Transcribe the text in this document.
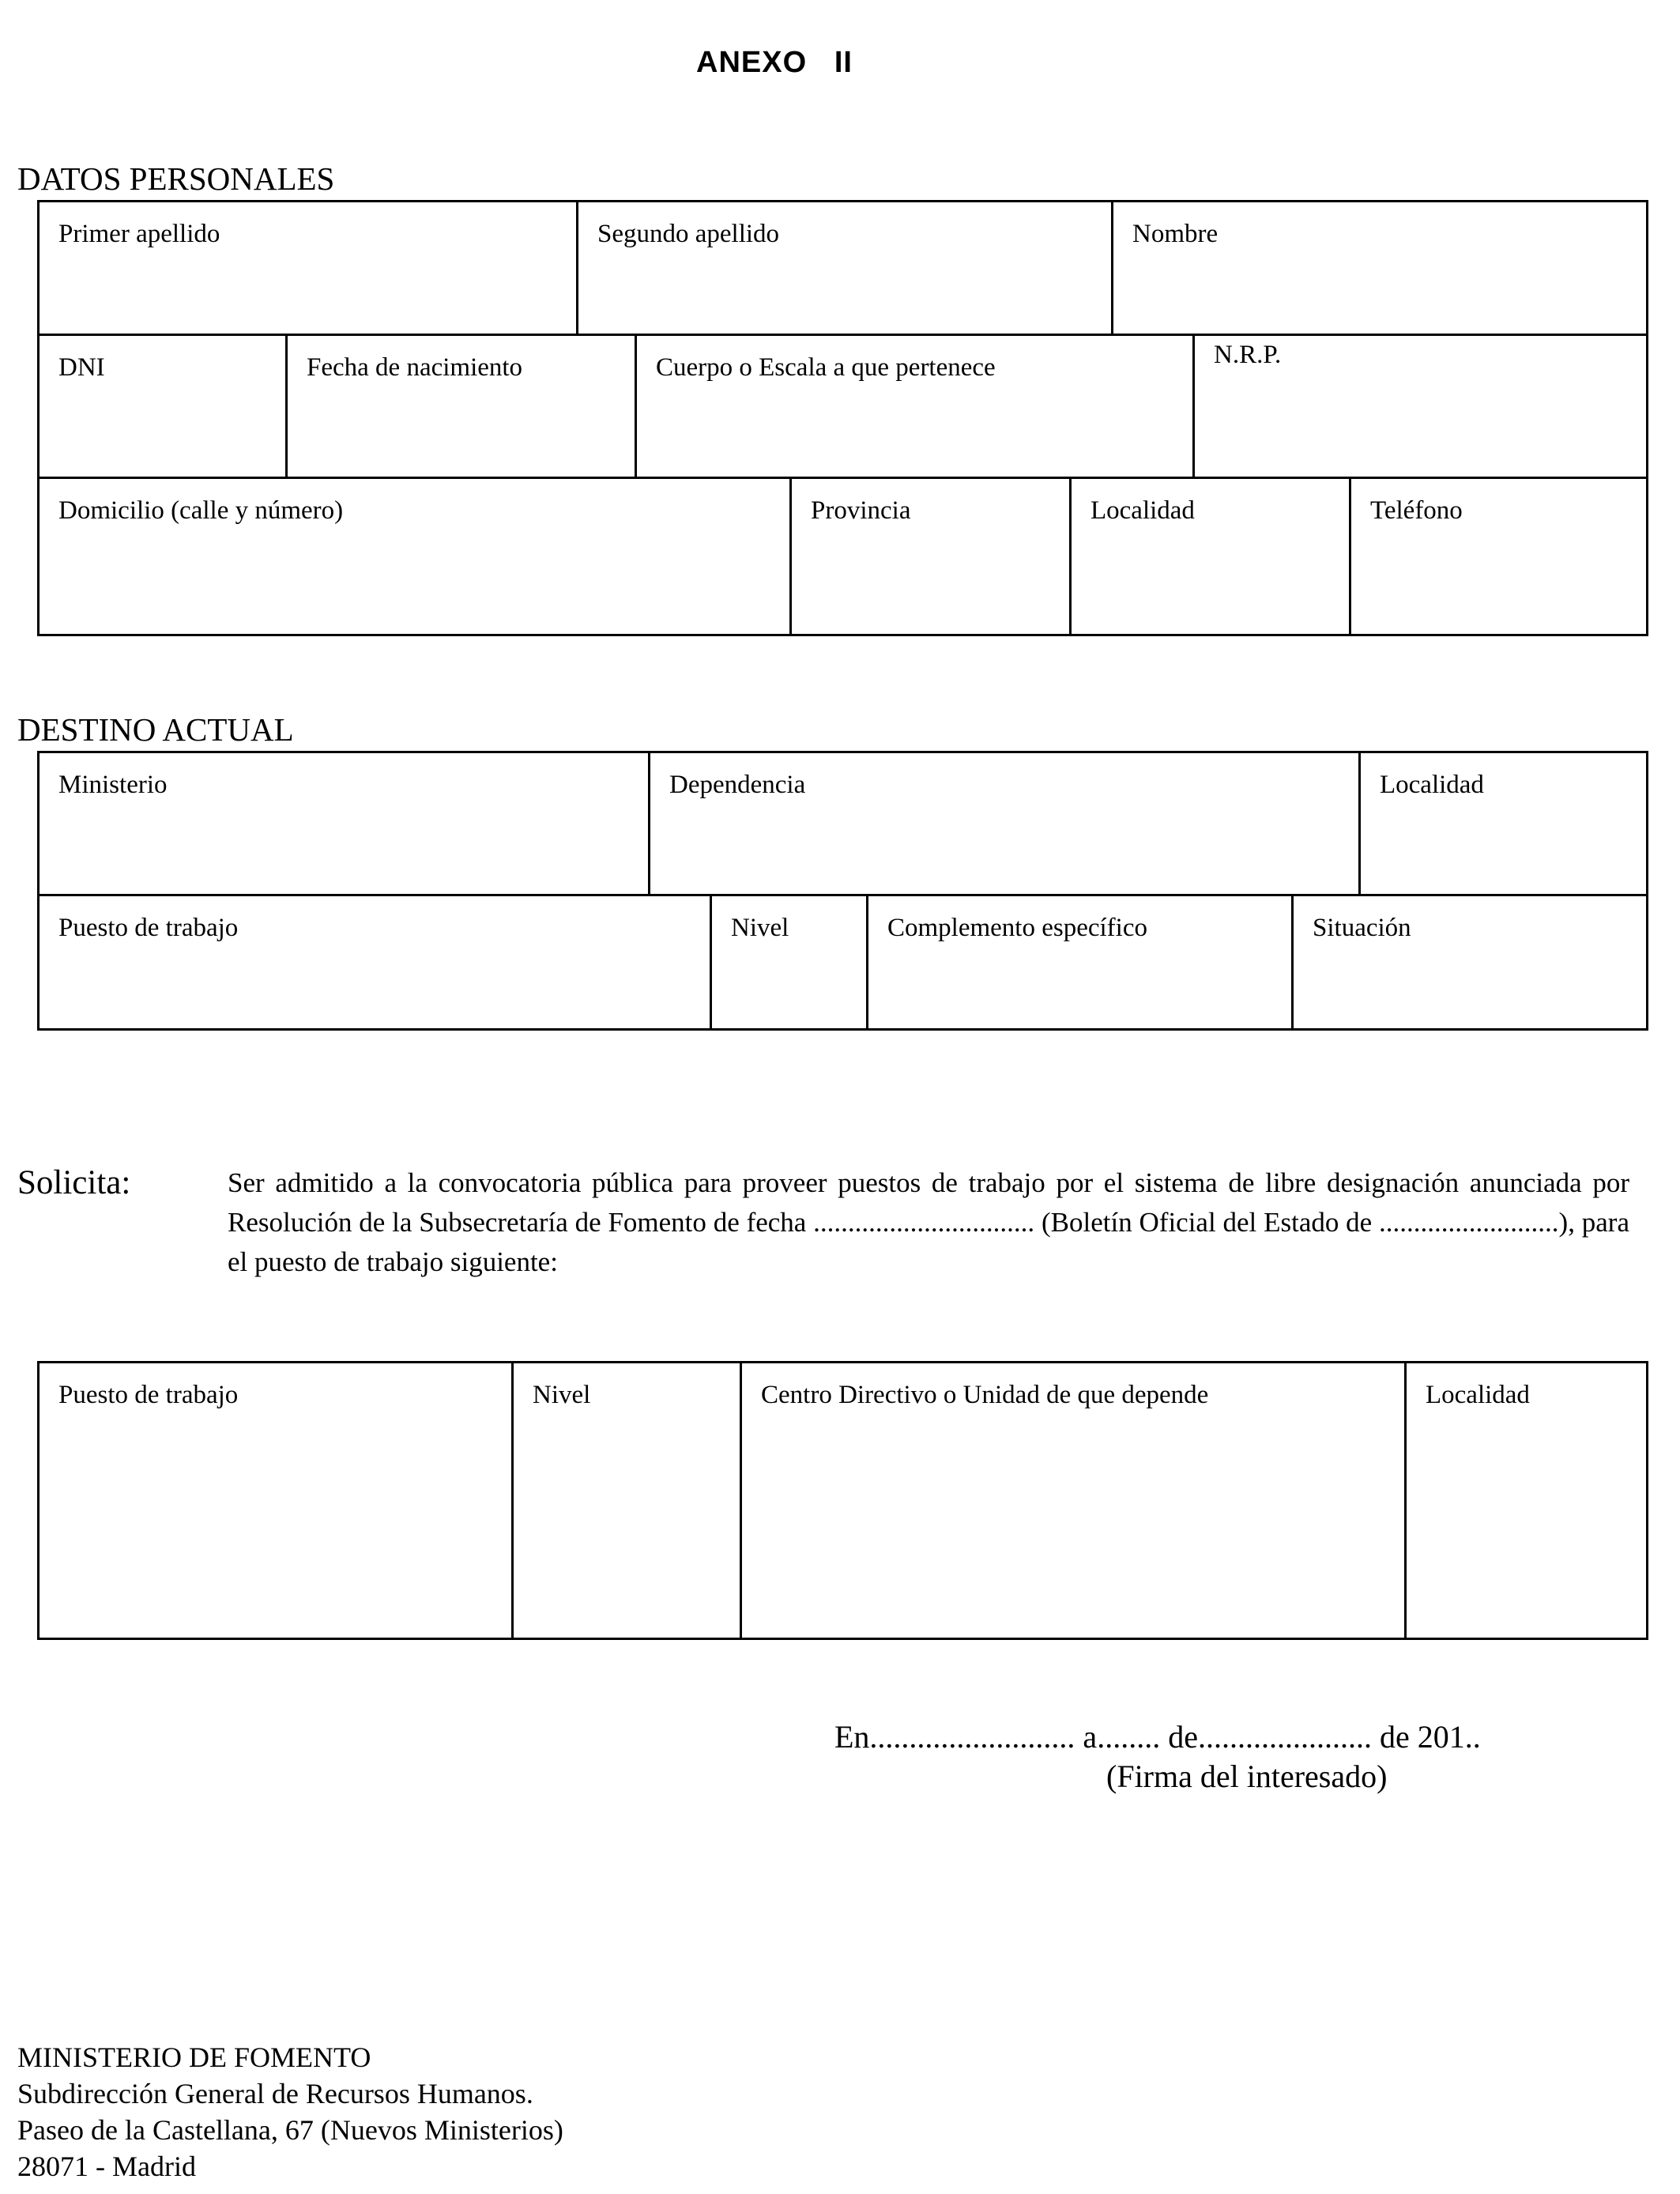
ANEXO   II
DATOS PERSONALES
Primer apellido	Segundo apellido	Nombre
DNI	Fecha de nacimiento	Cuerpo o Escala a que pertenece	N.R.P.
Domicilio (calle y número)	Provincia	Localidad	Teléfono
DESTINO ACTUAL
Ministerio	Dependencia	Localidad
Puesto de trabajo	Nivel	Complemento específico	Situación
Solicita:	Ser admitido a la convocatoria pública para proveer puestos de trabajo por el sistema de libre designación anunciada por Resolución de la Subsecretaría de Fomento de fecha ................................ (Boletín Oficial del Estado de ..........................), para el puesto de trabajo siguiente:
Puesto de trabajo	Nivel	Centro Directivo o Unidad de que depende	Localidad
En.......................... a........ de...................... de 201..
(Firma del interesado)
MINISTERIO DE FOMENTO
Subdirección General de Recursos Humanos.
Paseo de la Castellana, 67 (Nuevos Ministerios)
28071 - Madrid
